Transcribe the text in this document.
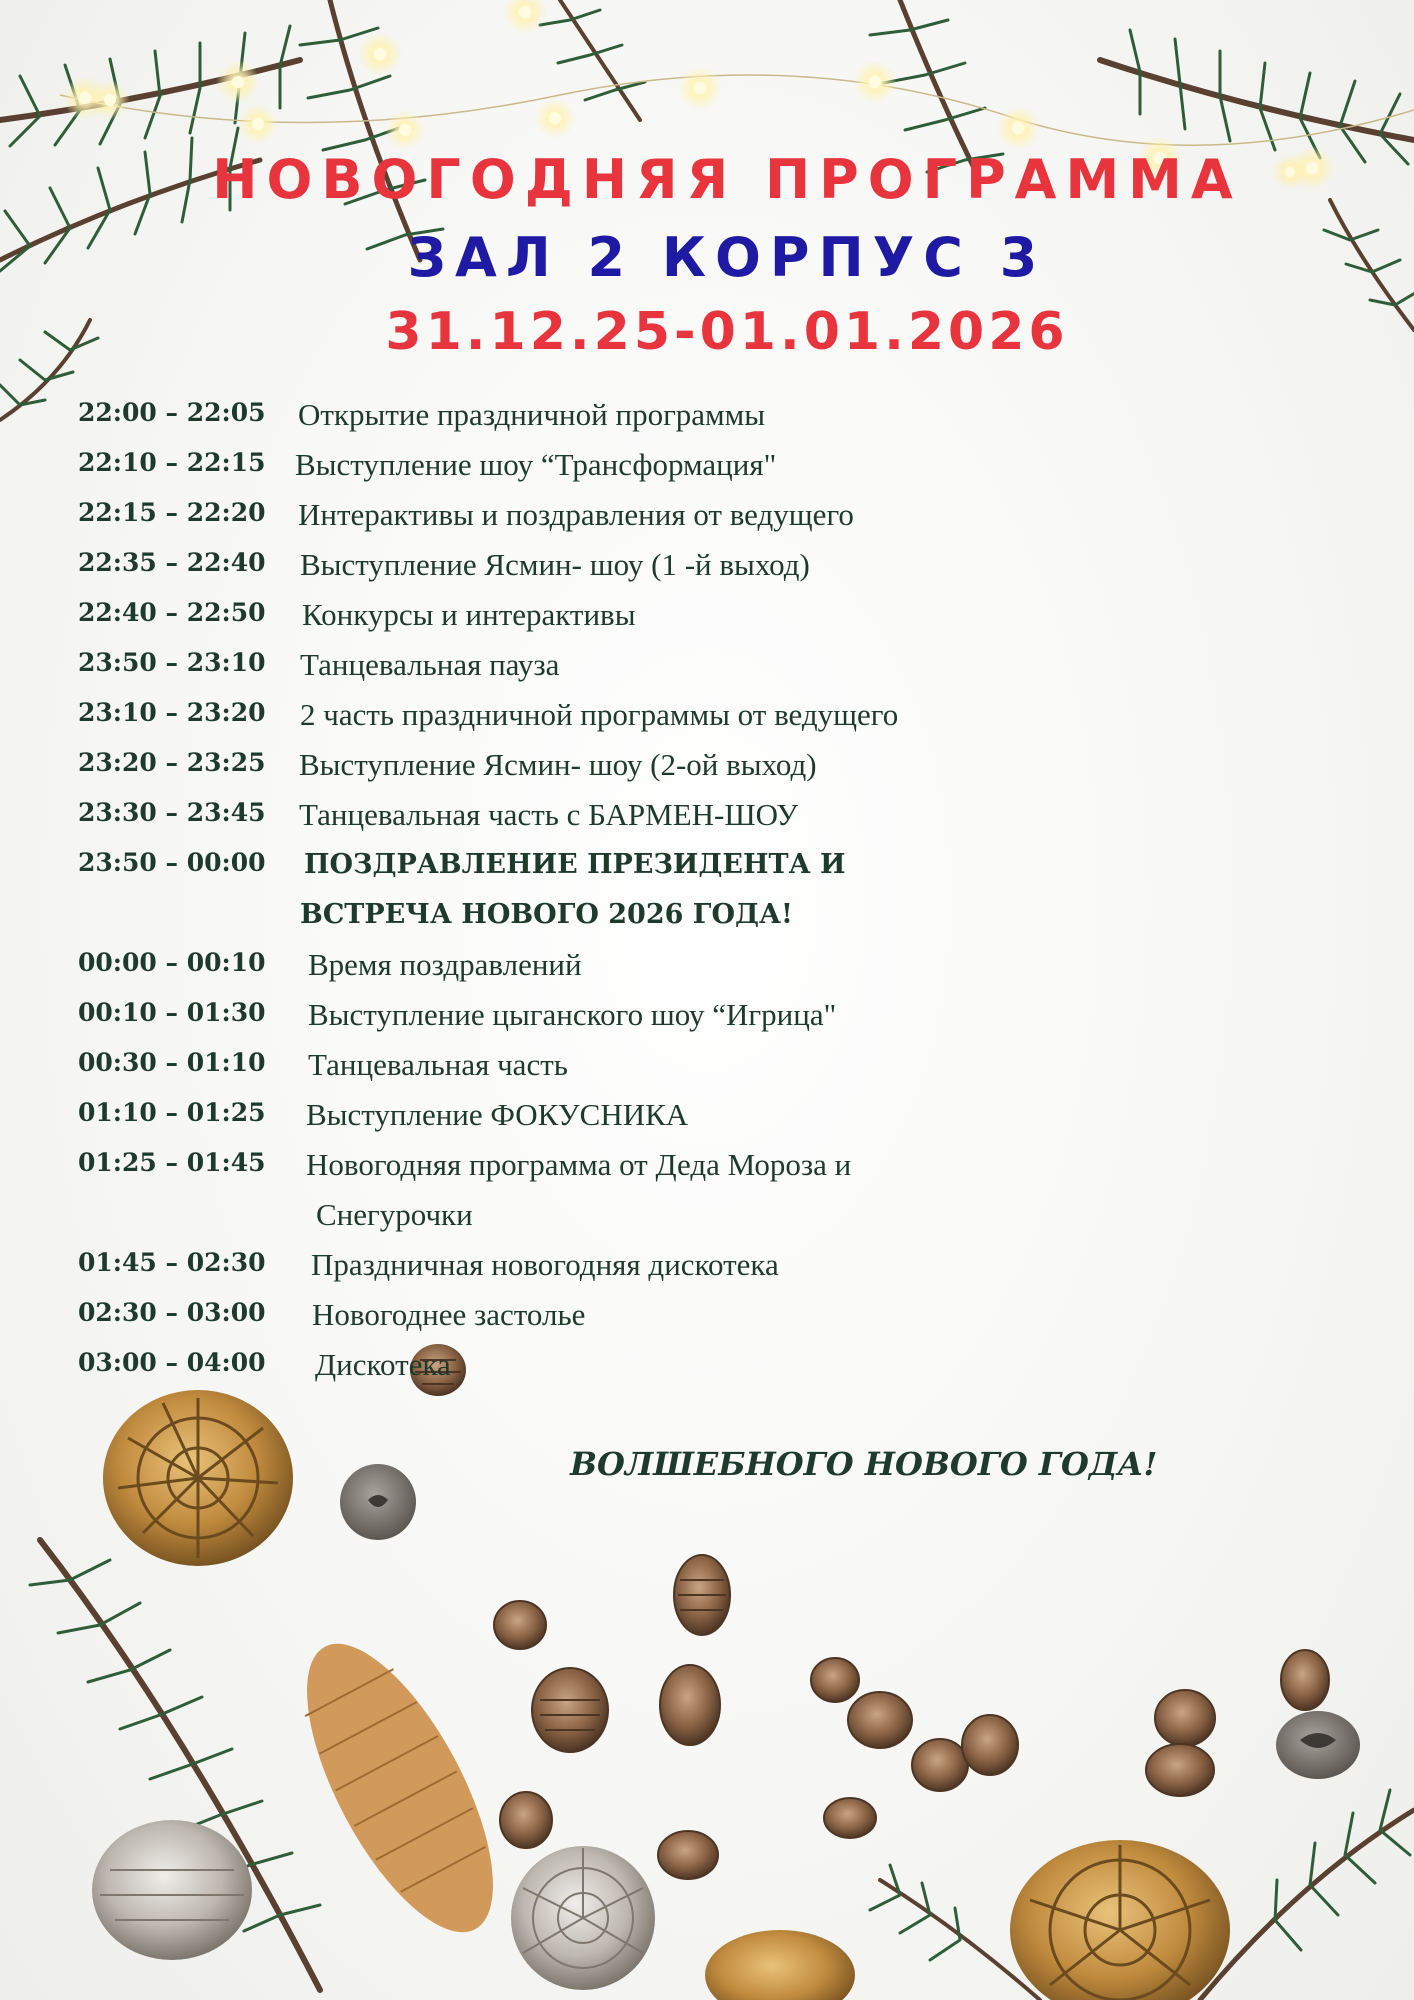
НОВОГОДНЯЯ ПРОГРАММА
ЗАЛ 2 КОРПУС 3
31.12.25-01.01.2026
22:00 – 22:05 Открытие праздничной программы
22:10 – 22:15 Выступление шоу “Трансформация"
22:15 – 22:20 Интерактивы и поздравления от ведущего
22:35 – 22:40 Выступление Ясмин- шоу (1 -й выход)
22:40 – 22:50 Конкурсы и интерактивы
23:50 – 23:10 Танцевальная пауза
23:10 – 23:20 2 часть праздничной программы от ведущего
23:20 – 23:25 Выступление Ясмин- шоу (2-ой выход)
23:30 – 23:45 Танцевальная часть с БАРМЕН-ШОУ
23:50 – 00:00 ПОЗДРАВЛЕНИЕ ПРЕЗИДЕНТА И
ВСТРЕЧА НОВОГО 2026 ГОДА!
00:00 – 00:10 Время поздравлений
00:10 – 01:30 Выступление цыганского шоу “Игрица"
00:30 – 01:10 Танцевальная часть
01:10 – 01:25 Выступление ФОКУСНИКА
01:25 – 01:45 Новогодняя программа от Деда Мороза и
Снегурочки
01:45 – 02:30 Праздничная новогодняя дискотека
02:30 – 03:00 Новогоднее застолье
03:00 – 04:00 Дискотека

ВОЛШЕБНОГО НОВОГО ГОДА!
